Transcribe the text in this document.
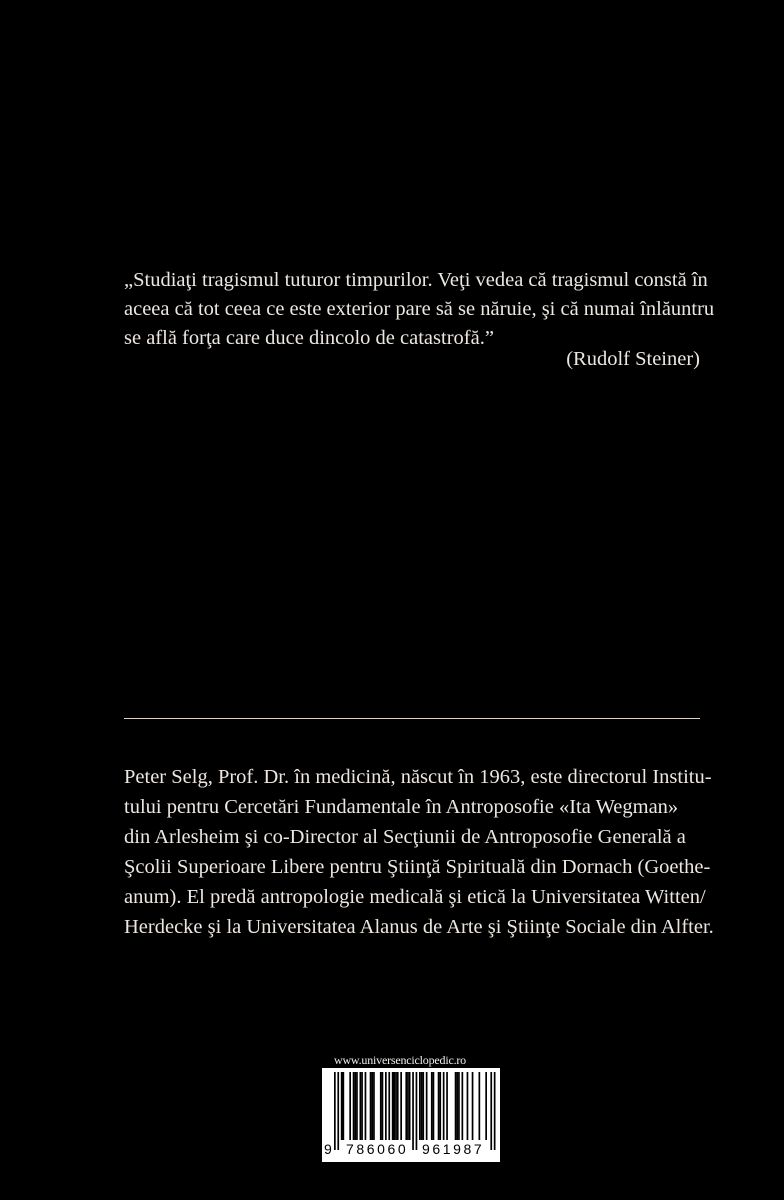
„Studiaţi tragismul tuturor timpurilor. Veţi vedea că tragismul constă în
aceea că tot ceea ce este exterior pare să se năruie, şi că numai înlăuntru
se află forţa care duce dincolo de catastrofă.”
(Rudolf Steiner)
Peter Selg, Prof. Dr. în medicină, născut în 1963, este directorul Institu-
tului pentru Cercetări Fundamentale în Antroposofie «Ita Wegman»
din Arlesheim şi co-Director al Secţiunii de Antroposofie Generală a
Şcolii Superioare Libere pentru Ştiinţă Spirituală din Dornach (Goethe-
anum). El predă antropologie medicală şi etică la Universitatea Witten/
Herdecke şi la Universitatea Alanus de Arte şi Ştiinţe Sociale din Alfter.
www.universenciclopedic.ro
9 786060 961987
